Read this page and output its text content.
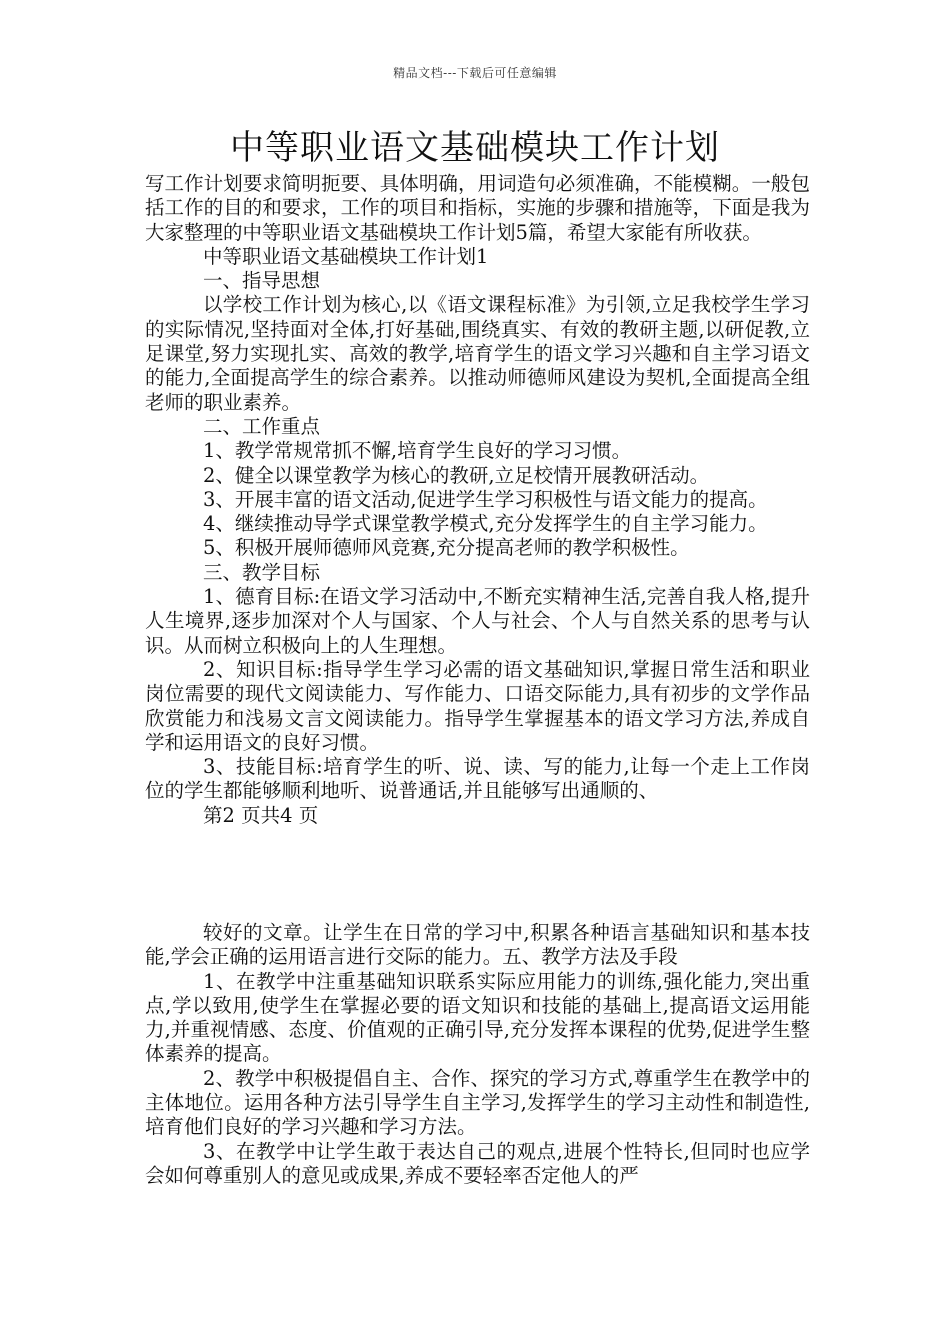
精品文档---下载后可任意编辑
中等职业语文基础模块工作计划

写工作计划要求简明扼要、具体明确，用词造句必须准确，不能模糊。一般包括工作的目的和要求，工作的项目和指标，实施的步骤和措施等，下面是我为大家整理的中等职业语文基础模块工作计划5篇，希望大家能有所收获。

中等职业语文基础模块工作计划1

一、指导思想

以学校工作计划为核心,以《语文课程标准》为引领,立足我校学生学习的实际情况,坚持面对全体,打好基础,围绕真实、有效的教研主题,以研促教,立足课堂,努力实现扎实、高效的教学,培育学生的语文学习兴趣和自主学习语文的能力,全面提高学生的综合素养。以推动师德师风建设为契机,全面提高全组老师的职业素养。

二、工作重点

1、教学常规常抓不懈,培育学生良好的学习习惯。

2、健全以课堂教学为核心的教研,立足校情开展教研活动。

3、开展丰富的语文活动,促进学生学习积极性与语文能力的提高。

4、继续推动导学式课堂教学模式,充分发挥学生的自主学习能力。

5、积极开展师德师风竞赛,充分提高老师的教学积极性。

三、教学目标

1、德育目标:在语文学习活动中,不断充实精神生活,完善自我人格,提升人生境界,逐步加深对个人与国家、个人与社会、个人与自然关系的思考与认识。从而树立积极向上的人生理想。

2、知识目标:指导学生学习必需的语文基础知识,掌握日常生活和职业岗位需要的现代文阅读能力、写作能力、口语交际能力,具有初步的文学作品欣赏能力和浅易文言文阅读能力。指导学生掌握基本的语文学习方法,养成自学和运用语文的良好习惯。

3、技能目标:培育学生的听、说、读、写的能力,让每一个走上工作岗位的学生都能够顺利地听、说普通话,并且能够写出通顺的、

第2 页共4 页

较好的文章。让学生在日常的学习中,积累各种语言基础知识和基本技能,学会正确的运用语言进行交际的能力。五、教学方法及手段

1、在教学中注重基础知识联系实际应用能力的训练,强化能力,突出重点,学以致用,使学生在掌握必要的语文知识和技能的基础上,提高语文运用能力,并重视情感、态度、价值观的正确引导,充分发挥本课程的优势,促进学生整体素养的提高。

2、教学中积极提倡自主、合作、探究的学习方式,尊重学生在教学中的主体地位。运用各种方法引导学生自主学习,发挥学生的学习主动性和制造性,培育他们良好的学习兴趣和学习方法。

3、在教学中让学生敢于表达自己的观点,进展个性特长,但同时也应学会如何尊重别人的意见或成果,养成不要轻率否定他人的严
